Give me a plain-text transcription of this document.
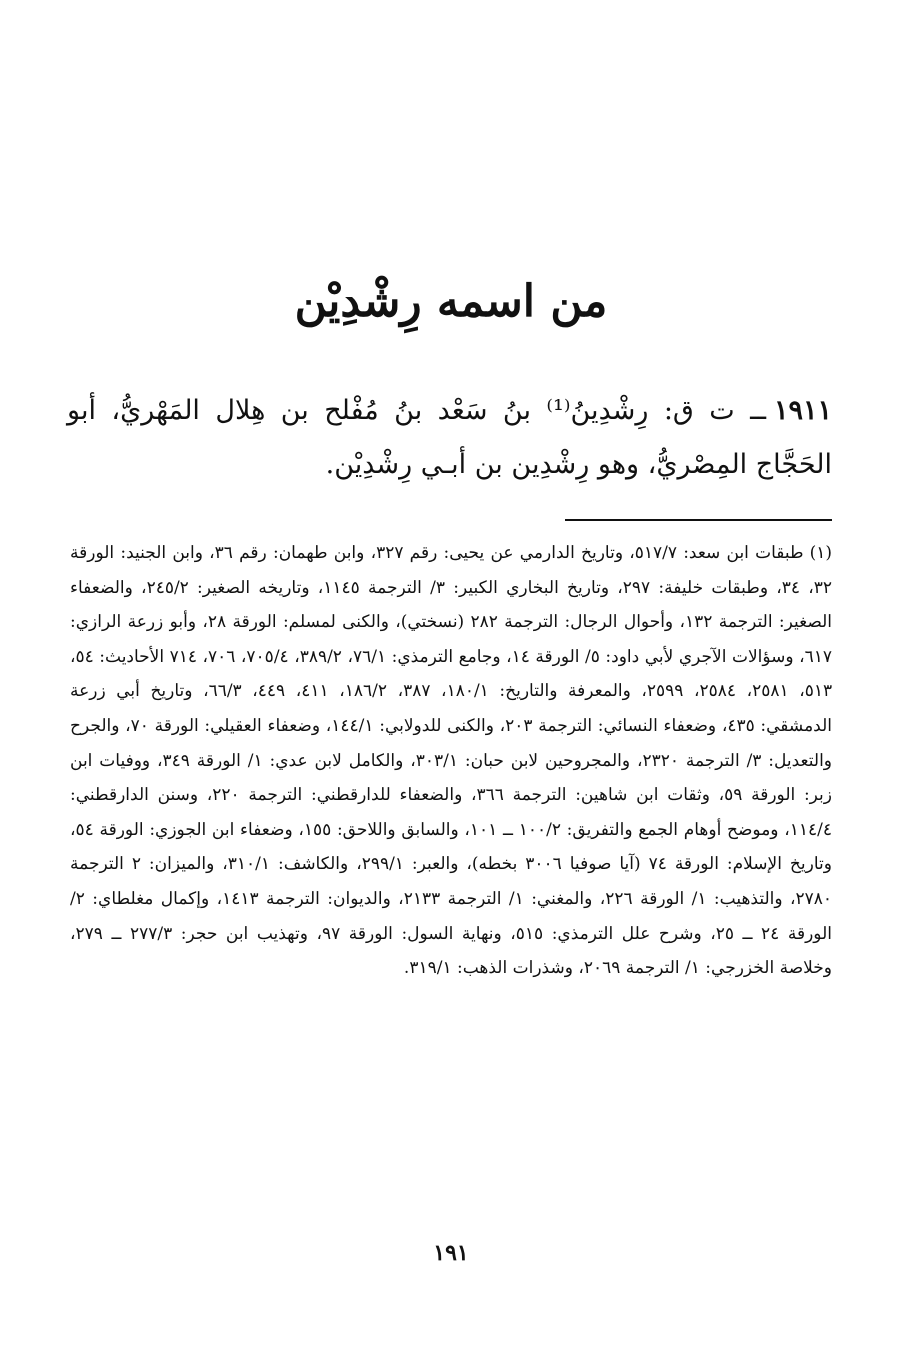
من اسمه رِشْدِيْن

١٩١١ــ ت ق: رِشْدِينُ⁽¹⁾ بنُ سَعْد بنُ مُفْلح بن هِلال المَهْريُّ، أبو الحَجَّاج المِصْريُّ، وهو رِشْدِين بن أبـي رِشْدِيْن.

(١)طبقات ابن سعد: ٥١٧/٧، وتاريخ الدارمي عن يحيى: رقم ٣٢٧، وابن طهمان: رقم ٣٦، وابن الجنيد: الورقة ٣٢، ٣٤، وطبقات خليفة: ٢٩٧، وتاريخ البخاري الكبير: ٣/ الترجمة ١١٤٥، وتاريخه الصغير: ٢٤٥/٢، والضعفاء الصغير: الترجمة ١٣٢، وأحوال الرجال: الترجمة ٢٨٢ (نسختي)، والكنى لمسلم: الورقة ٢٨، وأبو زرعة الرازي: ٦١٧، وسؤالات الآجري لأبي داود: ٥/ الورقة ١٤، وجامع الترمذي: ٧٦/١، ٣٨٩/٢، ٧٠٥/٤، ٧٠٦، ٧١٤ الأحاديث: ٥٤، ٥١٣، ٢٥٨١، ٢٥٨٤، ٢٥٩٩، والمعرفة والتاريخ: ١٨٠/١، ٣٨٧، ١٨٦/٢، ٤١١، ٤٤٩، ٦٦/٣، وتاريخ أبي زرعة الدمشقي: ٤٣٥، وضعفاء النسائي: الترجمة ٢٠٣، والكنى للدولابي: ١٤٤/١، وضعفاء العقيلي: الورقة ٧٠، والجرح والتعديل: ٣/ الترجمة ٢٣٢٠، والمجروحين لابن حبان: ٣٠٣/١، والكامل لابن عدي: ١/ الورقة ٣٤٩، ووفيات ابن زبر: الورقة ٥٩، وثقات ابن شاهين: الترجمة ٣٦٦، والضعفاء للدارقطني: الترجمة ٢٢٠، وسنن الدارقطني: ١١٤/٤، وموضح أوهام الجمع والتفريق: ١٠٠/٢ ــ ١٠١، والسابق واللاحق: ١٥٥، وضعفاء ابن الجوزي: الورقة ٥٤، وتاريخ الإسلام: الورقة ٧٤ (آيا صوفيا ٣٠٠٦ بخطه)، والعبر: ٢٩٩/١، والكاشف: ٣١٠/١، والميزان: ٢ الترجمة ٢٧٨٠، والتذهيب: ١/ الورقة ٢٢٦، والمغني: ١/ الترجمة ٢١٣٣، والديوان: الترجمة ١٤١٣، وإكمال مغلطاي: ٢/ الورقة ٢٤ ــ ٢٥، وشرح علل الترمذي: ٥١٥، ونهاية السول: الورقة ٩٧، وتهذيب ابن حجر: ٢٧٧/٣ ــ ٢٧٩، وخلاصة الخزرجي: ١/ الترجمة ٢٠٦٩، وشذرات الذهب: ٣١٩/١.

١٩١
